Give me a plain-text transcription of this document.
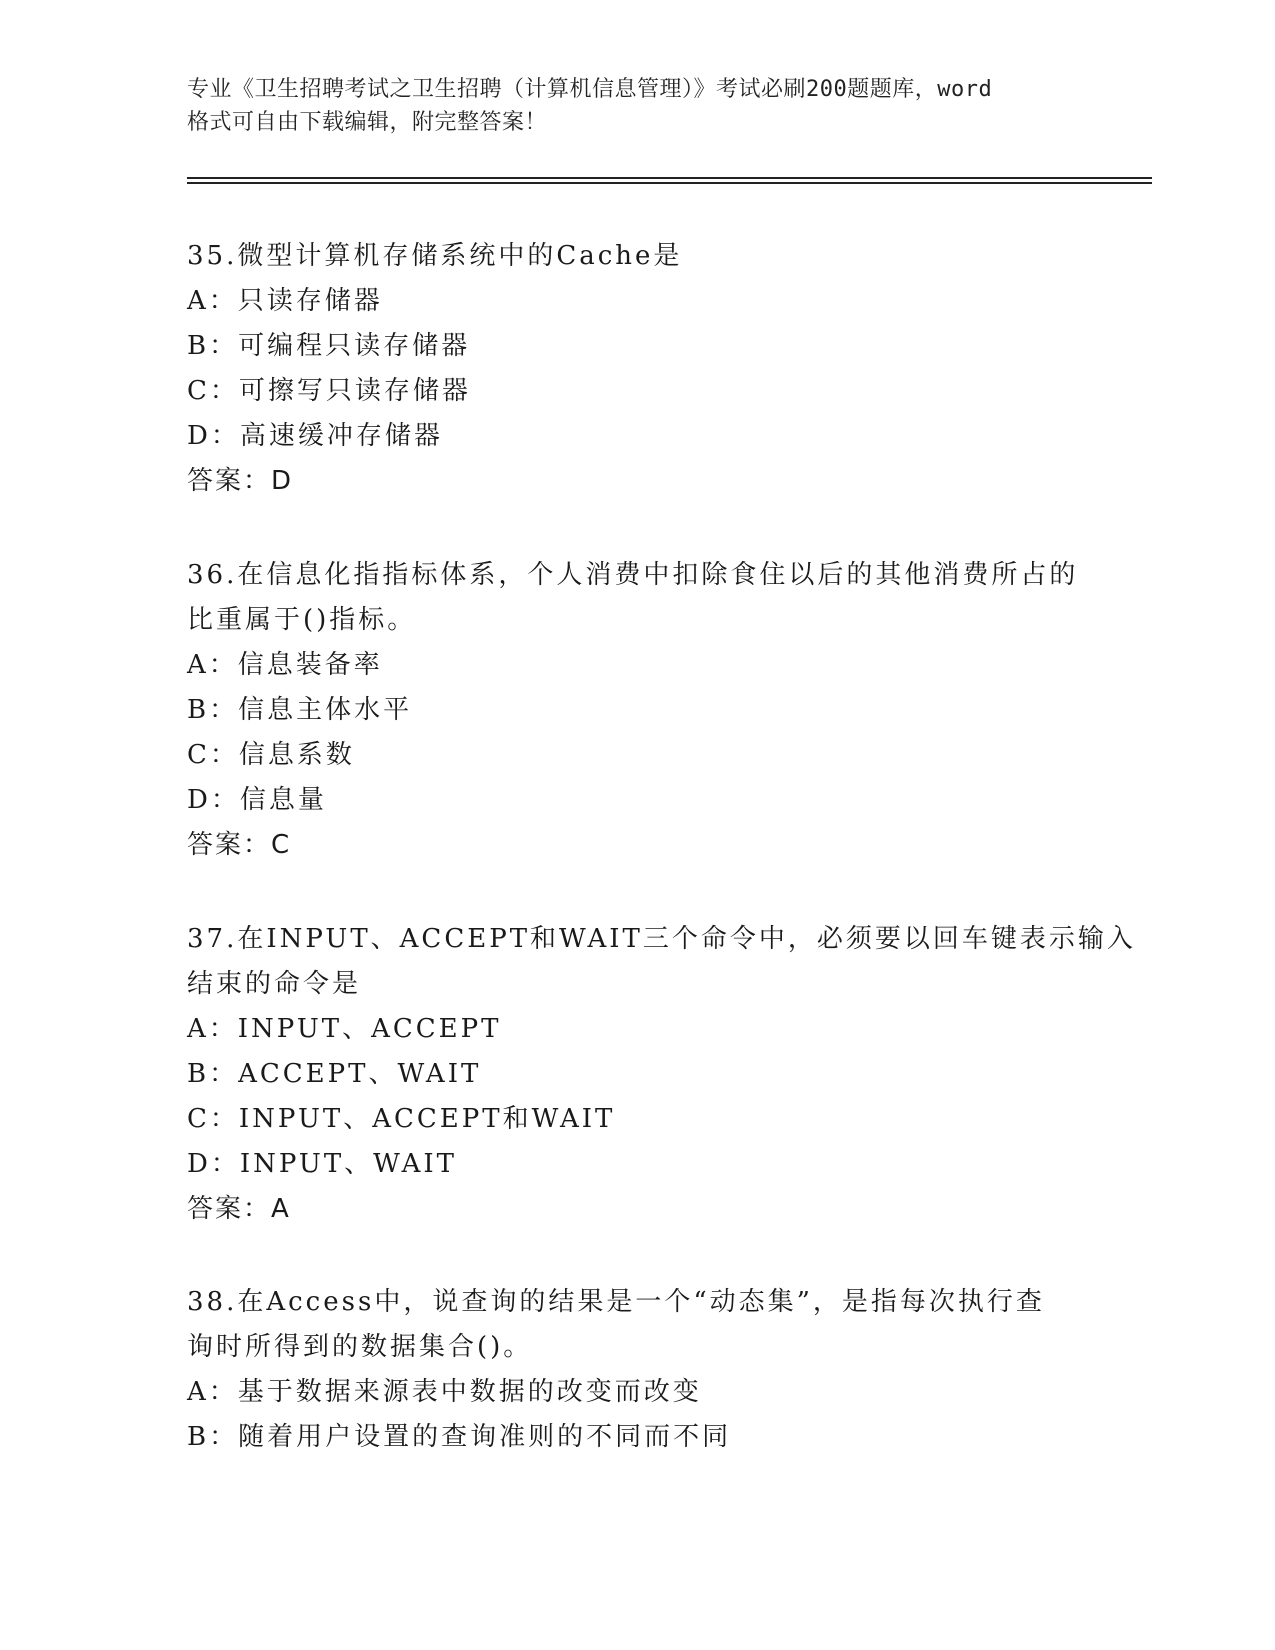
专业《卫生招聘考试之卫生招聘（计算机信息管理）》考试必刷200题题库，word
格式可自由下载编辑，附完整答案！
35.微型计算机存储系统中的Cache是
A：只读存储器
B：可编程只读存储器
C：可擦写只读存储器
D：高速缓冲存储器
答案：D
36.在信息化指指标体系，个人消费中扣除食住以后的其他消费所占的
比重属于()指标。
A：信息装备率
B：信息主体水平
C：信息系数
D：信息量
答案：C
37.在INPUT、ACCEPT和WAIT三个命令中，必须要以回车键表示输入
结束的命令是
A：INPUT、ACCEPT
B：ACCEPT、WAIT
C：INPUT、ACCEPT和WAIT
D：INPUT、WAIT
答案：A
38.在Access中，说查询的结果是一个“动态集”，是指每次执行查
询时所得到的数据集合()。
A：基于数据来源表中数据的改变而改变
B：随着用户设置的查询准则的不同而不同
